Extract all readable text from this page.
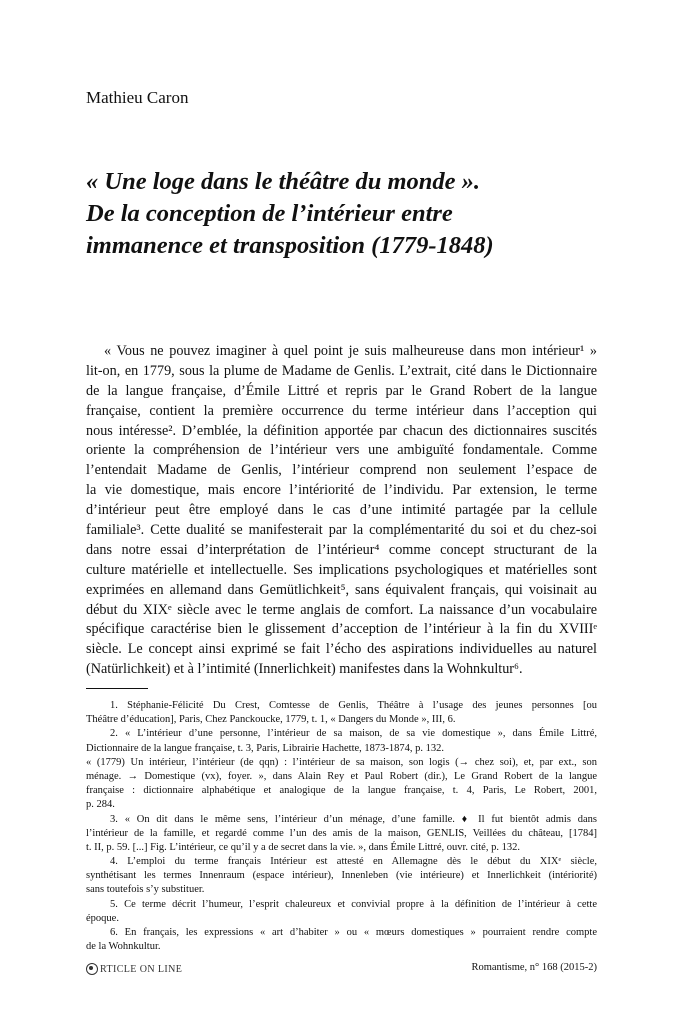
Mathieu Caron
« Une loge dans le théâtre du monde ».
De la conception de l’intérieur entre
immanence et transposition (1779-1848)
« Vous ne pouvez imaginer à quel point je suis malheureuse dans mon intérieur¹ »
lit-on, en 1779, sous la plume de Madame de Genlis. L’extrait, cité dans le Dictionnaire
de la langue française, d’Émile Littré et repris par le Grand Robert de la langue
française, contient la première occurrence du terme intérieur dans l’acception qui
nous intéresse². D’emblée, la définition apportée par chacun des dictionnaires suscités
oriente la compréhension de l’intérieur vers une ambiguïté fondamentale. Comme
l’entendait Madame de Genlis, l’intérieur comprend non seulement l’espace de
la vie domestique, mais encore l’intériorité de l’individu. Par extension, le terme
d’intérieur peut être employé dans le cas d’une intimité partagée par la cellule
familiale³. Cette dualité se manifesterait par la complémentarité du soi et du chez-soi
dans notre essai d’interprétation de l’intérieur⁴ comme concept structurant de la
culture matérielle et intellectuelle. Ses implications psychologiques et matérielles sont
exprimées en allemand dans Gemütlichkeit⁵, sans équivalent français, qui voisinait au
début du XIXᵉ siècle avec le terme anglais de comfort. La naissance d’un vocabulaire
spécifique caractérise bien le glissement d’acception de l’intérieur à la fin du XVIIIᵉ
siècle. Le concept ainsi exprimé se fait l’écho des aspirations individuelles au naturel
(Natürlichkeit) et à l’intimité (Innerlichkeit) manifestes dans la Wohnkultur⁶.
1. Stéphanie-Félicité Du Crest, Comtesse de Genlis, Théâtre à l’usage des jeunes personnes [ou
Théâtre d’éducation], Paris, Chez Panckoucke, 1779, t. 1, « Dangers du Monde », III, 6.
2. « L’intérieur d’une personne, l’intérieur de sa maison, de sa vie domestique », dans Émile Littré,
Dictionnaire de la langue française, t. 3, Paris, Librairie Hachette, 1873-1874, p. 132.
« (1779) Un intérieur, l’intérieur (de qqn) : l’intérieur de sa maison, son logis (→ chez soi), et, par ext., son
ménage. → Domestique (vx), foyer. », dans Alain Rey et Paul Robert (dir.), Le Grand Robert de la langue
française : dictionnaire alphabétique et analogique de la langue française, t. 4, Paris, Le Robert, 2001,
p. 284.
3. « On dit dans le même sens, l’intérieur d’un ménage, d’une famille. ♦ Il fut bientôt admis dans
l’intérieur de la famille, et regardé comme l’un des amis de la maison, GENLIS, Veillées du château, [1784]
t. II, p. 59. [...] Fig. L’intérieur, ce qu’il y a de secret dans la vie. », dans Émile Littré, ouvr. cité, p. 132.
4. L’emploi du terme français Intérieur est attesté en Allemagne dès le début du XIXᵉ siècle,
synthétisant les termes Innenraum (espace intérieur), Innenleben (vie intérieure) et Innerlichkeit (intériorité)
sans toutefois s’y substituer.
5. Ce terme décrit l’humeur, l’esprit chaleureux et convivial propre à la définition de l’intérieur à cette
époque.
6. En français, les expressions « art d’habiter » ou « mœurs domestiques » pourraient rendre compte
de la Wohnkultur.
RTICLE ON LINE	Romantisme, n° 168 (2015-2)
